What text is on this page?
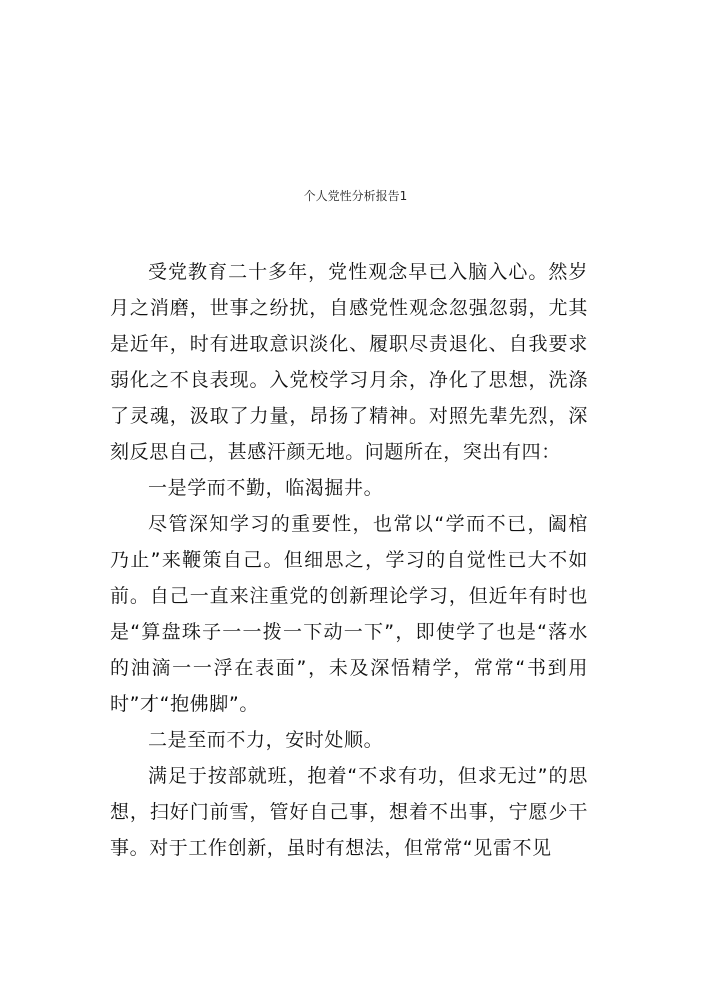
个人党性分析报告1

受党教育二十多年，党性观念早已入脑入心。然岁月之消磨，世事之纷扰，自感党性观念忽强忽弱，尤其是近年，时有进取意识淡化、履职尽责退化、自我要求弱化之不良表现。入党校学习月余，净化了思想，洗涤了灵魂，汲取了力量，昂扬了精神。对照先辈先烈，深刻反思自己，甚感汗颜无地。问题所在，突出有四：

一是学而不勤，临渴掘井。

尽管深知学习的重要性，也常以“学而不已，阖棺乃止”来鞭策自己。但细思之，学习的自觉性已大不如前。自己一直来注重党的创新理论学习，但近年有时也是“算盘珠子一一拨一下动一下”，即使学了也是“落水的油滴一一浮在表面”，未及深悟精学，常常“书到用时”才“抱佛脚”。

二是至而不力，安时处顺。

满足于按部就班，抱着“不求有功，但求无过”的思想，扫好门前雪，管好自己事，想着不出事，宁愿少干事。对于工作创新，虽时有想法，但常常“见雷不见
